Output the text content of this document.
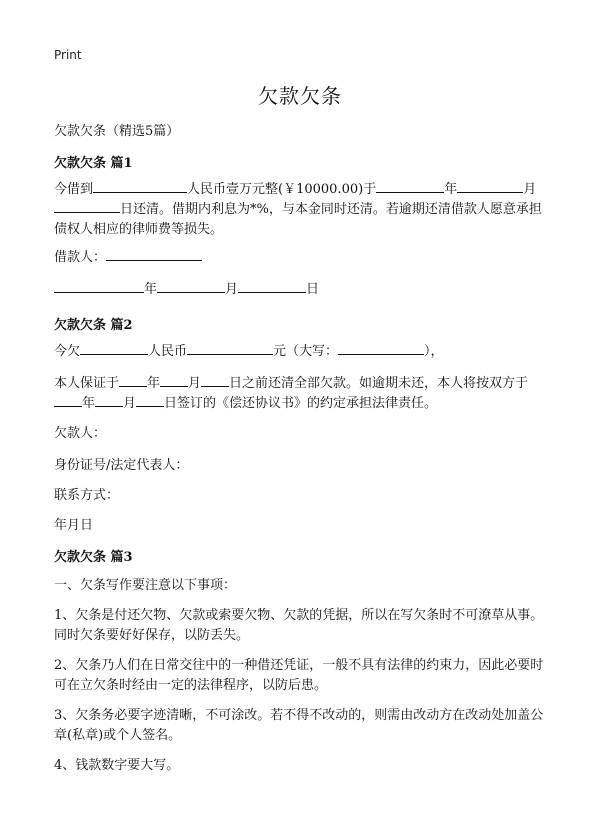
Print
欠款欠条
欠款欠条（精选5篇）
欠款欠条 篇1
今借到	人民币壹万元整(￥10000.00)于	年	月
日还清。借期内利息为*%，与本金同时还清。若逾期还清借款人愿意承担债权人相应的律师费等损失。
借款人：
年	月	日
欠款欠条 篇2
今欠	人民币	元（大写：	），
本人保证于 年 月 日之前还清全部欠款。如逾期未还，本人将按双方于年 月 日签订的《偿还协议书》的约定承担法律责任。
欠款人：
身份证号/法定代表人：
联系方式：
年月日
欠款欠条 篇3
一、欠条写作要注意以下事项：
1、欠条是付还欠物、欠款或索要欠物、欠款的凭据，所以在写欠条时不可潦草从事。同时欠条要好好保存，以防丢失。
2、欠条乃人们在日常交往中的一种借还凭证，一般不具有法律的约束力，因此必要时可在立欠条时经由一定的法律程序，以防后患。
3、欠条务必要字迹清晰，不可涂改。若不得不改动的，则需由改动方在改动处加盖公章(私章)或个人签名。
4、钱款数字要大写。
